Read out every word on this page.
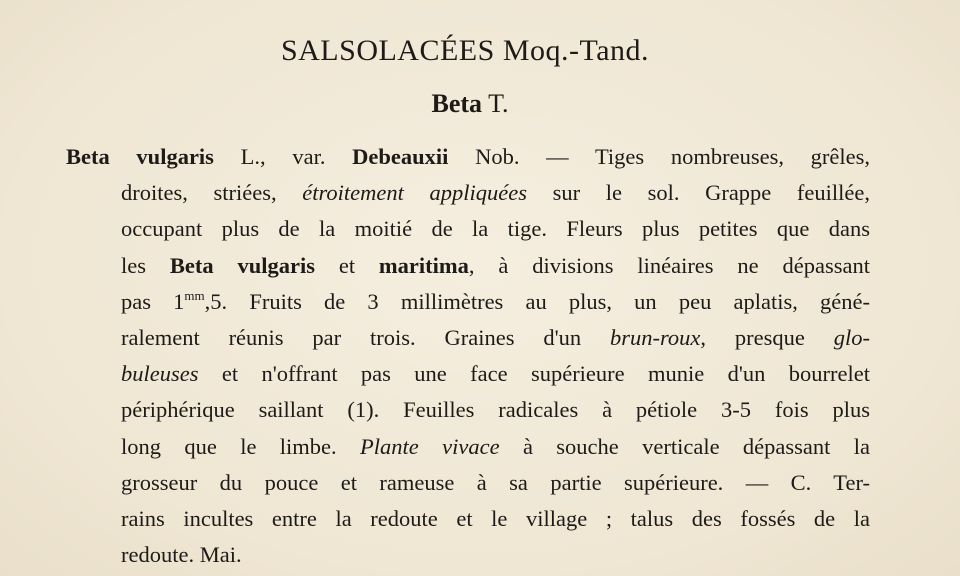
SALSOLACÉES Moq.-Tand.
Beta T.
Beta vulgaris L., var. Debeauxii Nob. — Tiges nombreuses, grêles,
droites, striées, étroitement appliquées sur le sol. Grappe feuillée,
occupant plus de la moitié de la tige. Fleurs plus petites que dans
les Beta vulgaris et maritima, à divisions linéaires ne dépassant
pas $1^{mm},5$. Fruits de 3 millimètres au plus, un peu aplatis, géné-
ralement réunis par trois. Graines d'un brun-roux, presque glo-
buleuses et n'offrant pas une face supérieure munie d'un bourrelet
périphérique saillant (1). Feuilles radicales à pétiole 3-5 fois plus
long que le limbe. Plante vivace à souche verticale dépassant la
grosseur du pouce et rameuse à sa partie supérieure. — C. Ter-
rains incultes entre la redoute et le village ; talus des fossés de la
redoute. Mai.
